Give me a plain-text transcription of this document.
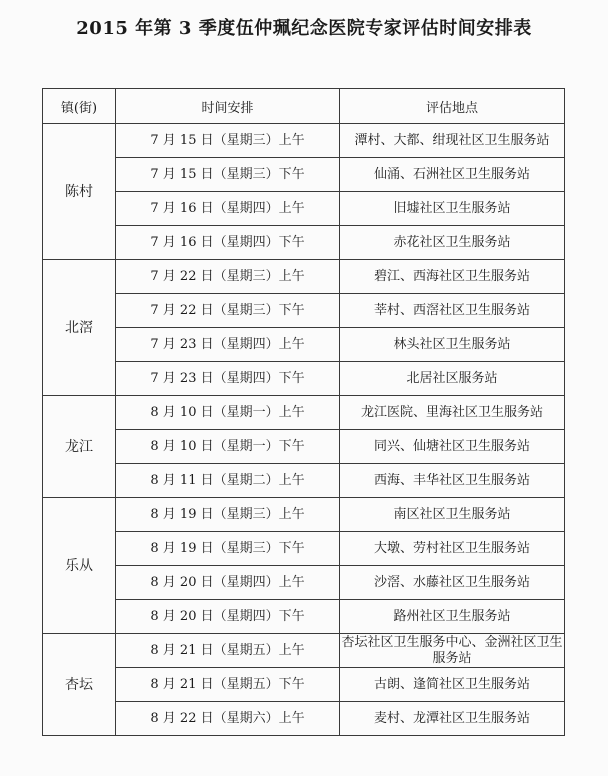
2015 年第 3 季度伍仲珮纪念医院专家评估时间安排表
镇(街)	时间安排	评估地点
陈村	7 月 15 日（星期三）上午	潭村、大都、绀现社区卫生服务站
	7 月 15 日（星期三）下午	仙涌、石洲社区卫生服务站
	7 月 16 日（星期四）上午	旧墟社区卫生服务站
	7 月 16 日（星期四）下午	赤花社区卫生服务站
北滘	7 月 22 日（星期三）上午	碧江、西海社区卫生服务站
	7 月 22 日（星期三）下午	莘村、西滘社区卫生服务站
	7 月 23 日（星期四）上午	林头社区卫生服务站
	7 月 23 日（星期四）下午	北居社区服务站
龙江	8 月 10 日（星期一）上午	龙江医院、里海社区卫生服务站
	8 月 10 日（星期一）下午	同兴、仙塘社区卫生服务站
	8 月 11 日（星期二）上午	西海、丰华社区卫生服务站
乐从	8 月 19 日（星期三）上午	南区社区卫生服务站
	8 月 19 日（星期三）下午	大墩、劳村社区卫生服务站
	8 月 20 日（星期四）上午	沙滘、水藤社区卫生服务站
	8 月 20 日（星期四）下午	路州社区卫生服务站
杏坛	8 月 21 日（星期五）上午	杏坛社区卫生服务中心、金洲社区卫生服务站
	8 月 21 日（星期五）下午	古朗、逢简社区卫生服务站
	8 月 22 日（星期六）上午	麦村、龙潭社区卫生服务站
